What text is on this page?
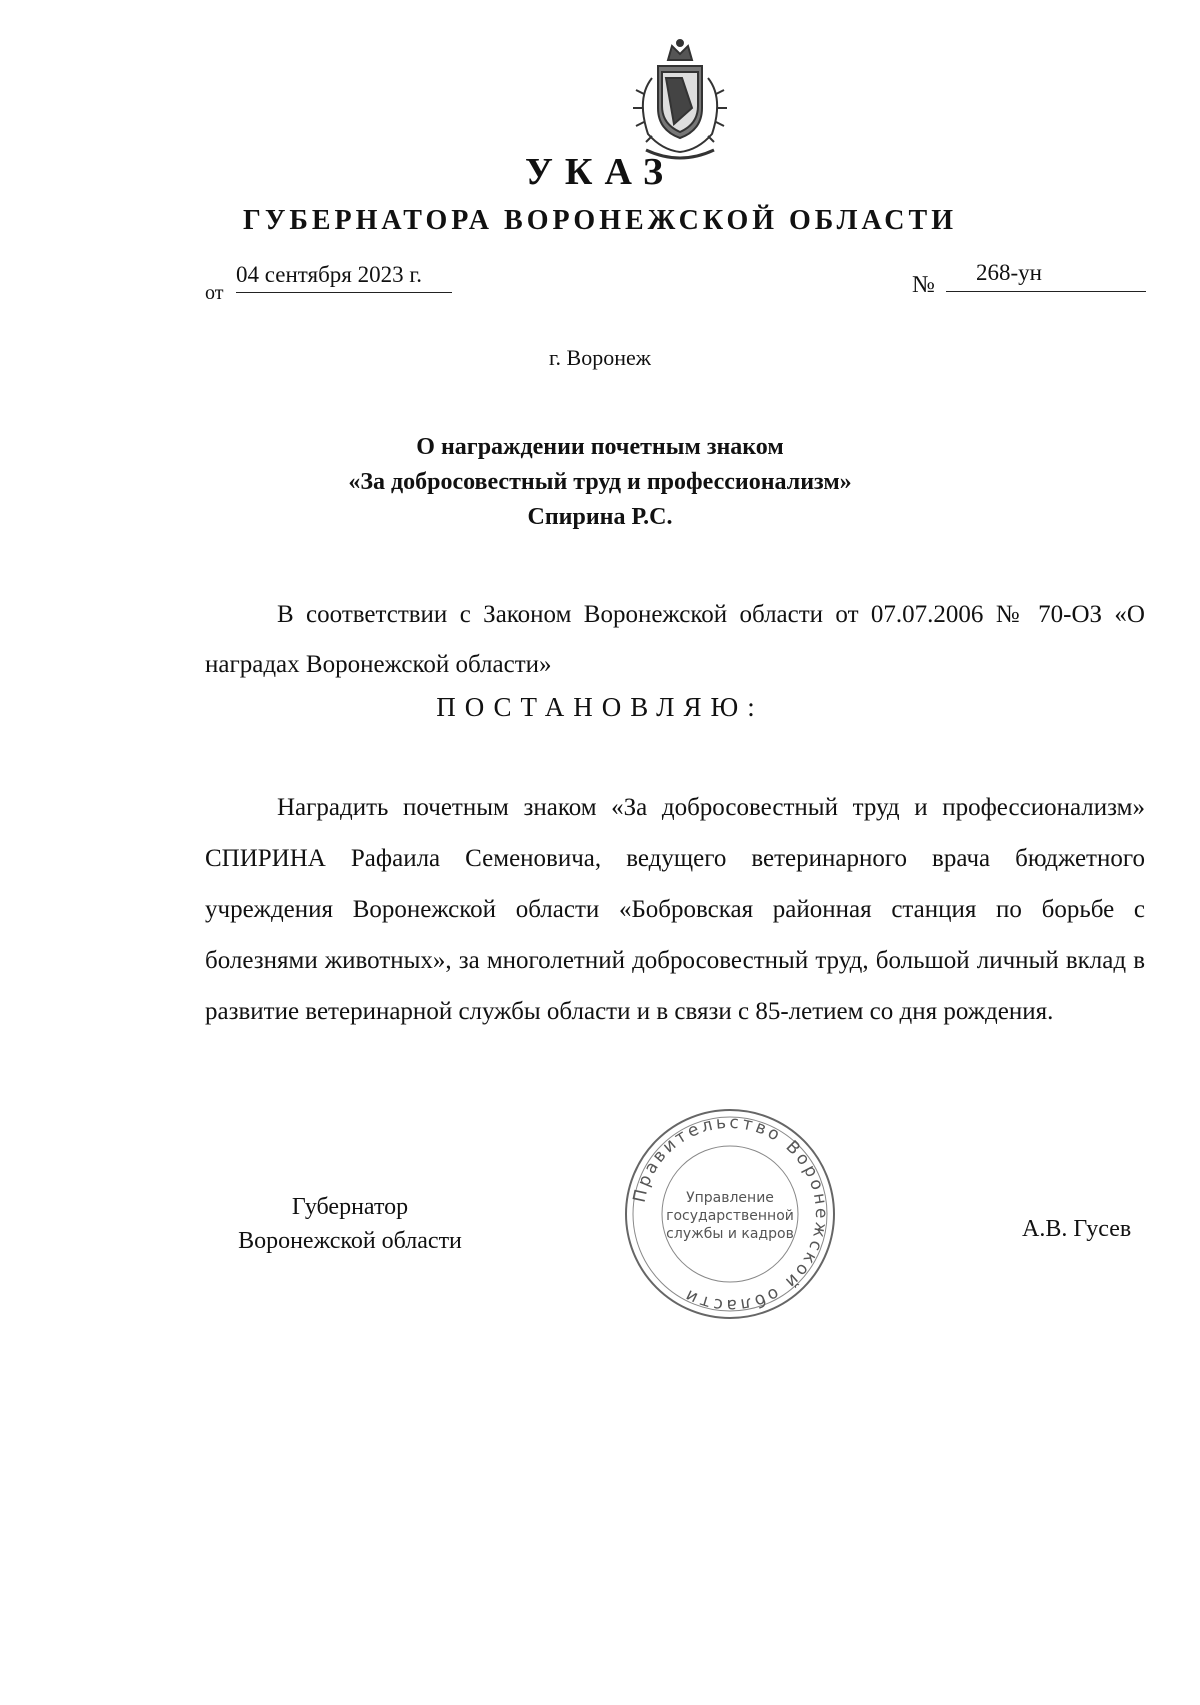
УКАЗ
ГУБЕРНАТОРА ВОРОНЕЖСКОЙ ОБЛАСТИ
от
04 сентября 2023 г.	№	268-ун
г. Воронеж
О награждении почетным знаком
«За добросовестный труд и профессионализм»
Спирина Р.С.

В соответствии с Законом Воронежской области от 07.07.2006 № 70-ОЗ «О наградах Воронежской области»

ПОСТАНОВЛЯЮ:

Наградить почетным знаком «За добросовестный труд и профессионализм» СПИРИНА Рафаила Семеновича, ведущего ветеринарного врача бюджетного учреждения Воронежской области «Бобровская районная станция по борьбе с болезнями животных», за многолетний добросовестный труд, большой личный вклад в развитие ветеринарной службы области и в связи с 85-летием со дня рождения.

Губернатор
Воронежской области
Правительство Воронежской области
Управление
государственной
службы и кадров	А.В. Гусев
